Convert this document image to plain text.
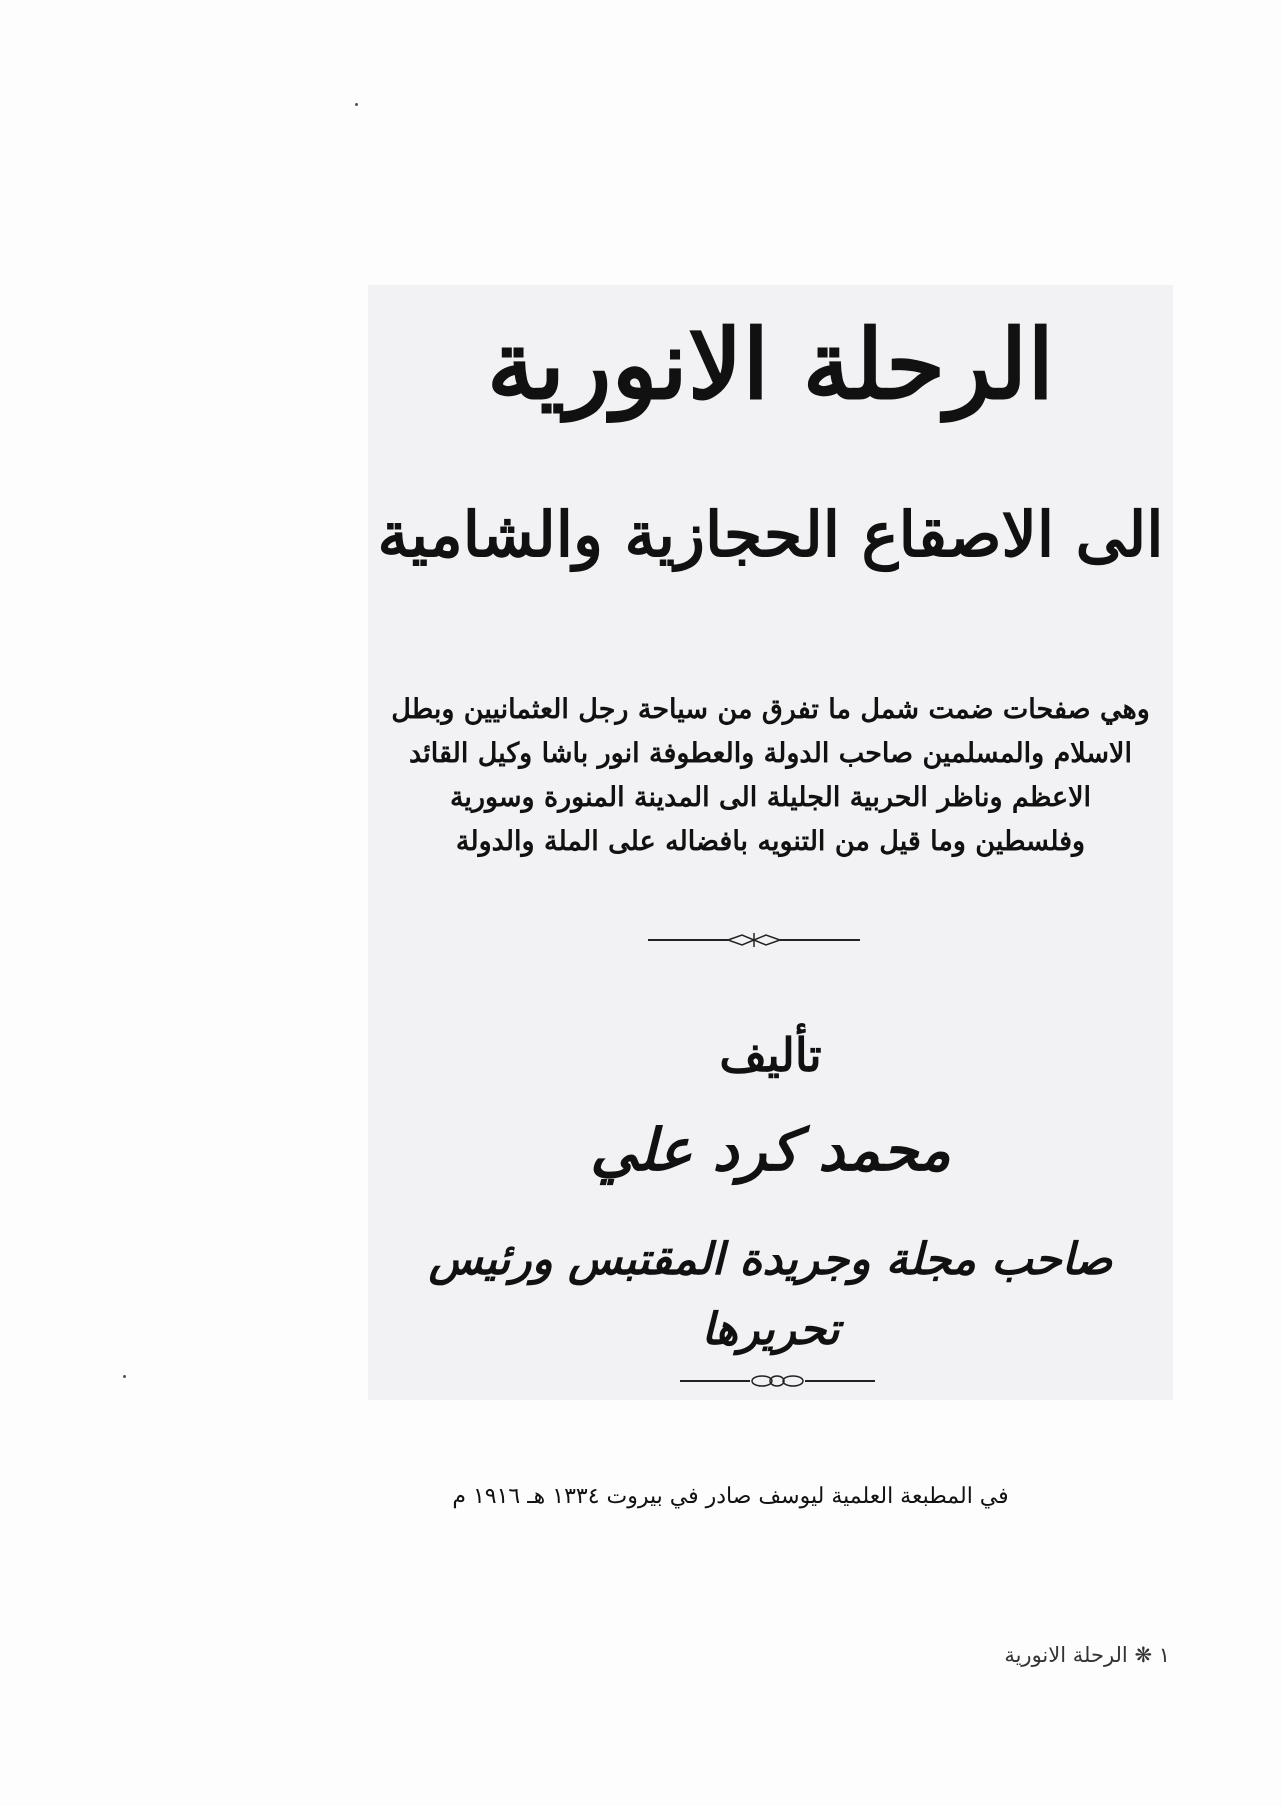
الرحلة الانورية
الى الاصقاع الحجازية والشامية

وهي صفحات ضمت شمل ما تفرق من سياحة رجل العثمانيين وبطل

الاسلام والمسلمين صاحب الدولة والعطوفة انور باشا وكيل القائد

الاعظم وناظر الحربية الجليلة الى المدينة المنورة وسورية

وفلسطين وما قيل من التنويه بافضاله على الملة والدولة

تأليف
محمد كرد علي
صاحب مجلة وجريدة المقتبس ورئيس تحريرها
في المطبعة العلمية ليوسف صادر في بيروت ١٣٣٤ هـ ١٩١٦ م
١ ❋ الرحلة الانورية
